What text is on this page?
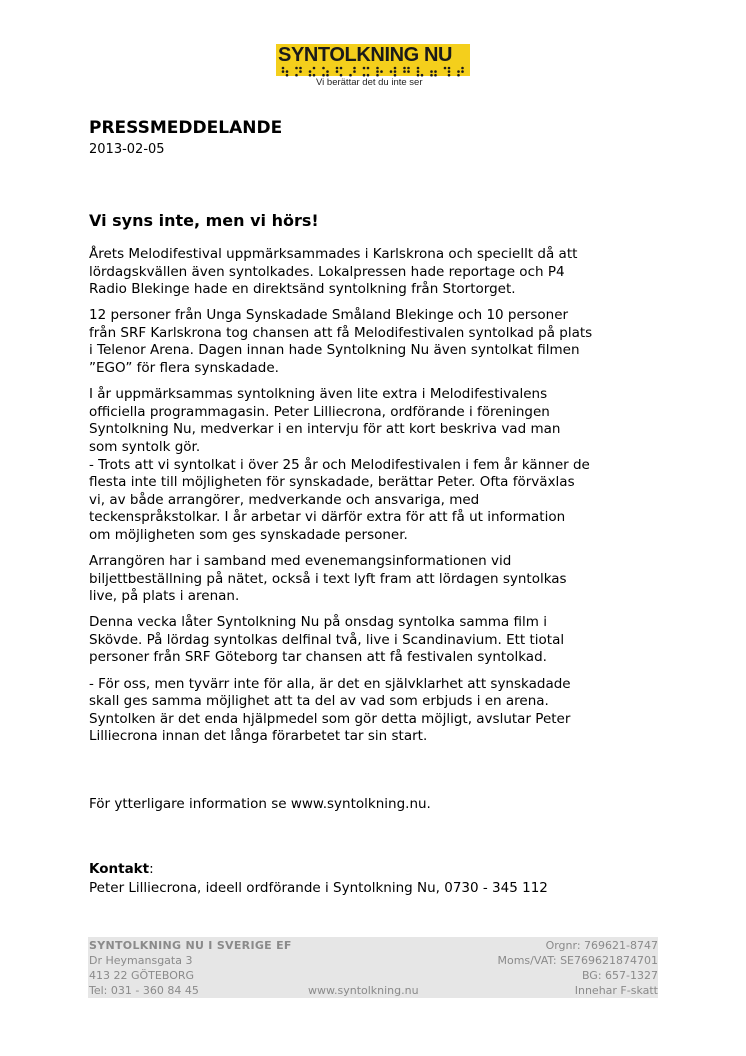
SYNTOLKNING NU
Vi berättar det du inte ser
PRESSMEDDELANDE
2013-02-05
Vi syns inte, men vi hörs!

Årets Melodifestival uppmärksammades i Karlskrona och speciellt då att
lördagskvällen även syntolkades. Lokalpressen hade reportage och P4
Radio Blekinge hade en direktsänd syntolkning från Stortorget.

12 personer från Unga Synskadade Småland Blekinge och 10 personer
från SRF Karlskrona tog chansen att få Melodifestivalen syntolkad på plats
i Telenor Arena. Dagen innan hade Syntolkning Nu även syntolkat filmen
”EGO” för flera synskadade.

I år uppmärksammas syntolkning även lite extra i Melodifestivalens
officiella programmagasin. Peter Lilliecrona, ordförande i föreningen
Syntolkning Nu, medverkar i en intervju för att kort beskriva vad man
som syntolk gör.
- Trots att vi syntolkat i över 25 år och Melodifestivalen i fem år känner de
flesta inte till möjligheten för synskadade, berättar Peter. Ofta förväxlas
vi, av både arrangörer, medverkande och ansvariga, med
teckenspråkstolkar. I år arbetar vi därför extra för att få ut information
om möjligheten som ges synskadade personer.

Arrangören har i samband med evenemangsinformationen vid
biljettbeställning på nätet, också i text lyft fram att lördagen syntolkas
live, på plats i arenan.

Denna vecka låter Syntolkning Nu på onsdag syntolka samma film i
Skövde. På lördag syntolkas delfinal två, live i Scandinavium. Ett tiotal
personer från SRF Göteborg tar chansen att få festivalen syntolkad.

- För oss, men tyvärr inte för alla, är det en självklarhet att synskadade
skall ges samma möjlighet att ta del av vad som erbjuds i en arena.
Syntolken är det enda hjälpmedel som gör detta möjligt, avslutar Peter
Lilliecrona innan det långa förarbetet tar sin start.

För ytterligare information se www.syntolkning.nu.
Kontakt:
Peter Lilliecrona, ideell ordförande i Syntolkning Nu, 0730 - 345 112
SYNTOLKNING NU I SVERIGE EF	Orgnr: 769621-8747
Dr Heymansgata 3	Moms/VAT: SE769621874701
413 22 GÖTEBORG	BG: 657-1327
Tel: 031 - 360 84 45	www.syntolkning.nu	Innehar F-skatt
